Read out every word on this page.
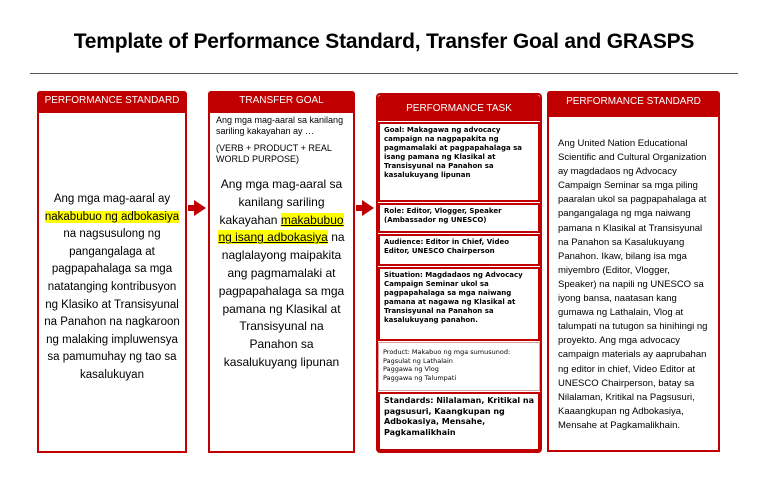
Template of Performance Standard, Transfer Goal and GRASPS
PERFORMANCE STANDARD
Ang mga mag-aaral ay nakabubuo ng adbokasiya na nagsusulong ng pangangalaga at pagpapahalaga sa mga natatanging kontribusyon ng Klasiko at Transisyunal na Panahon na nagkaroon ng malaking impluwensya sa pamumuhay ng tao sa kasalukuyan
TRANSFER GOAL
Ang mga mag-aaral sa kanilang sariling kakayahan ay …
(VERB + PRODUCT + REAL WORLD PURPOSE)
Ang mga mag-aaral sa kanilang sariling kakayahan makabubuo ng isang adbokasiya na naglalayong maipakita ang pagmamalaki at pagpapahalaga sa mga pamana ng Klasikal at Transisyunal na Panahon sa kasalukuyang lipunan
PERFORMANCE TASK
Goal: Makagawa ng advocacy campaign na nagpapakita ng pagmamalaki at pagpapahalaga sa isang pamana ng Klasikal at Transisyunal na Panahon sa kasalukuyang lipunan
Role: Editor, Vlogger, Speaker (Ambassador ng UNESCO)
Audience: Editor in Chief, Video Editor, UNESCO Chairperson
Situation: Magdadaos ng Advocacy Campaign Seminar ukol sa pagpapahalaga sa mga naiwang pamana at nagawa ng Klasikal at Transisyunal na Panahon sa kasalukuyang panahon.
Product: Makabuo ng mga sumusunod:
Pagsulat ng Lathalain
Paggawa ng Vlog
Paggawa ng Talumpati
Standards: Nilalaman, Kritikal na pagsusuri, Kaangkupan ng Adbokasiya, Mensahe, Pagkamalikhain
PERFORMANCE STANDARD
Ang United Nation Educational Scientific and Cultural Organization ay magdadaos ng Advocacy Campaign Seminar sa mga piling paaralan ukol sa pagpapahalaga at pangangalaga ng mga naiwang pamana n Klasikal at Transisyunal na Panahon sa Kasalukuyang Panahon. Ikaw, bilang isa mga miyembro (Editor, Vlogger, Speaker) na napili ng UNESCO sa iyong bansa, naatasan kang gumawa ng Lathalain, Vlog at talumpati na tutugon sa hinihingi ng proyekto. Ang mga advocacy campaign materials ay aaprubahan ng editor in chief, Video Editor at UNESCO Chairperson, batay sa Nilalaman, Kritikal na Pagsusuri, Kaaangkupan ng Adbokasiya, Mensahe at Pagkamalikhain.
